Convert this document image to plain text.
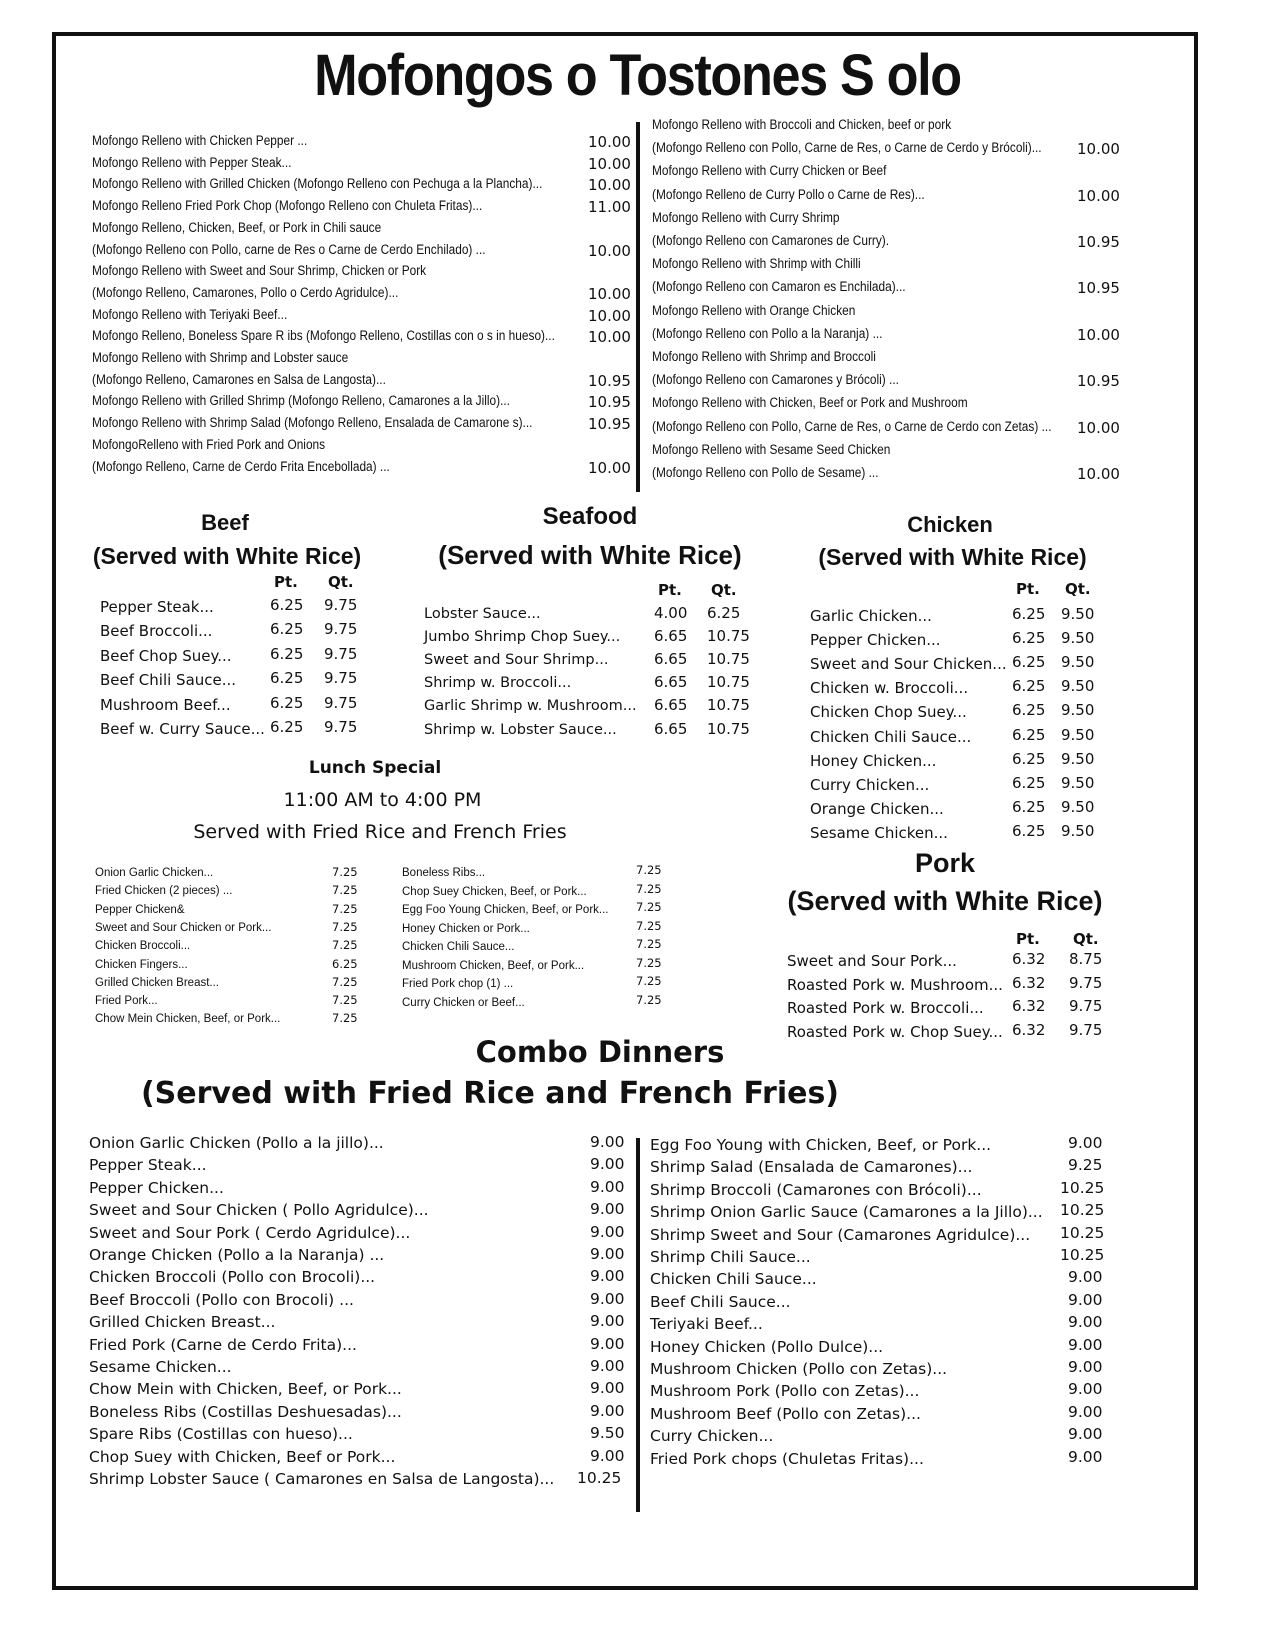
Mofongos o Tostones S olo
Mofongo Relleno with Chicken Pepper ...	10.00
Mofongo Relleno with Pepper Steak...	10.00
Mofongo Relleno with Grilled Chicken (Mofongo Relleno con Pechuga a la Plancha)...	10.00
Mofongo Relleno Fried Pork Chop (Mofongo Relleno con Chuleta Fritas)...	11.00
Mofongo Relleno, Chicken, Beef, or Pork in Chili sauce
(Mofongo Relleno con Pollo, carne de Res o Carne de Cerdo Enchilado) ...	10.00
Mofongo Relleno with Sweet and Sour Shrimp, Chicken or Pork
(Mofongo Relleno, Camarones, Pollo o Cerdo Agridulce)...	10.00
Mofongo Relleno with Teriyaki Beef...	10.00
Mofongo Relleno, Boneless Spare R ibs (Mofongo Relleno, Costillas con o s in hueso)... 10.00
Mofongo Relleno with Shrimp and Lobster sauce
(Mofongo Relleno, Camarones en Salsa de Langosta)...	10.95
Mofongo Relleno with Grilled Shrimp (Mofongo Relleno, Camarones a la Jillo)...	10.95
Mofongo Relleno with Shrimp Salad (Mofongo Relleno, Ensalada de Camarone s)...	10.95
MofongoRelleno with Fried Pork and Onions
(Mofongo Relleno, Carne de Cerdo Frita Encebollada) ...	10.00
Mofongo Relleno with Broccoli and Chicken, beef or pork
(Mofongo Relleno con Pollo, Carne de Res, o Carne de Cerdo y Brócoli)... 10.00
Mofongo Relleno with Curry Chicken or Beef
(Mofongo Relleno de Curry Pollo o Carne de Res)...	10.00
Mofongo Relleno with Curry Shrimp
(Mofongo Relleno con Camarones de Curry).	10.95
Mofongo Relleno with Shrimp with Chilli
(Mofongo Relleno con Camaron es Enchilada)...	10.95
Mofongo Relleno with Orange Chicken
(Mofongo Relleno con Pollo a la Naranja) ...	10.00
Mofongo Relleno with Shrimp and Broccoli
(Mofongo Relleno con Camarones y Brócoli) ...	10.95
Mofongo Relleno with Chicken, Beef or Pork and Mushroom
(Mofongo Relleno con Pollo, Carne de Res, o Carne de Cerdo con Zetas) ... 10.00
Mofongo Relleno with Sesame Seed Chicken
(Mofongo Relleno con Pollo de Sesame) ...	10.00
Pt. Qt.
Pepper Steak...	6.25 9.75
Beef Broccoli...	6.25 9.75
Beef Chop Suey...	6.25 9.75
Beef Chili Sauce... 6.25 9.75
Mushroom Beef...	6.25 9.75
Beef w. Curry Sauce... 6.25 9.75
Pt. Qt.
Lobster Sauce...	4.00 6.25
Jumbo Shrimp Chop Suey... 6.65 10.75
Sweet and Sour Shrimp...	6.65 10.75
Shrimp w. Broccoli...	6.65 10.75
Garlic Shrimp w. Mushroom... 6.65 10.75
Shrimp w. Lobster Sauce... 6.65 10.75
Pt. Qt.
Garlic Chicken...	6.25 9.50
Pepper Chicken...	6.25 9.50
Sweet and Sour Chicken... 6.25 9.50
Chicken w. Broccoli...	6.25 9.50
Chicken Chop Suey...	6.25 9.50
Chicken Chili Sauce...	6.25 9.50
Honey Chicken...	6.25 9.50
Curry Chicken...	6.25 9.50
Orange Chicken...	6.25 9.50
Sesame Chicken...	6.25 9.50
Pt. Qt.
Sweet and Sour Pork...	6.32 8.75
Roasted Pork w. Mushroom... 6.32 9.75
Roasted Pork w. Broccoli... 6.32 9.75
Roasted Pork w. Chop Suey... 6.32 9.75
Onion Garlic Chicken...	7.25
Fried Chicken (2 pieces) ...	7.25
Pepper Chicken&	7.25
Sweet and Sour Chicken or Pork...	7.25
Chicken Broccoli...	7.25
Chicken Fingers...	6.25
Grilled Chicken Breast...	7.25
Fried Pork...	7.25
Chow Mein Chicken, Beef, or Pork...	7.25
Boneless Ribs...	7.25
Chop Suey Chicken, Beef, or Pork...	7.25
Egg Foo Young Chicken, Beef, or Pork... 7.25
Honey Chicken or Pork...	7.25
Chicken Chili Sauce...	7.25
Mushroom Chicken, Beef, or Pork...	7.25
Fried Pork chop (1) ...	7.25
Curry Chicken or Beef...	7.25
Onion Garlic Chicken (Pollo a la jillo)...	9.00
Pepper Steak...	9.00
Pepper Chicken...	9.00
Sweet and Sour Chicken ( Pollo Agridulce)...	9.00
Sweet and Sour Pork ( Cerdo Agridulce)...	9.00
Orange Chicken (Pollo a la Naranja) ...	9.00
Chicken Broccoli (Pollo con Brocoli)...	9.00
Beef Broccoli (Pollo con Brocoli) ...	9.00
Grilled Chicken Breast...	9.00
Fried Pork (Carne de Cerdo Frita)...	9.00
Sesame Chicken...	9.00
Chow Mein with Chicken, Beef, or Pork...	9.00
Boneless Ribs (Costillas Deshuesadas)...	9.00
Spare Ribs (Costillas con hueso)...	9.50
Chop Suey with Chicken, Beef or Pork...	9.00
Shrimp Lobster Sauce ( Camarones en Salsa de Langosta)... 10.25
Egg Foo Young with Chicken, Beef, or Pork...	9.00
Shrimp Salad (Ensalada de Camarones)...	9.25
Shrimp Broccoli (Camarones con Brócoli)...	10.25
Shrimp Onion Garlic Sauce (Camarones a la Jillo)... 10.25
Shrimp Sweet and Sour (Camarones Agridulce)... 10.25
Shrimp Chili Sauce...	10.25
Chicken Chili Sauce...	9.00
Beef Chili Sauce...	9.00
Teriyaki Beef...	9.00
Honey Chicken (Pollo Dulce)...	9.00
Mushroom Chicken (Pollo con Zetas)...	9.00
Mushroom Pork (Pollo con Zetas)...	9.00
Mushroom Beef (Pollo con Zetas)...	9.00
Curry Chicken...	9.00
Fried Pork chops (Chuletas Fritas)...	9.00
Beef
(Served with White Rice)
Seafood
(Served with White Rice)
Chicken
(Served with White Rice)
Pork
(Served with White Rice)
Lunch Special
11:00 AM to 4:00 PM
Served with Fried Rice and French Fries
Combo Dinners
(Served with Fried Rice and French Fries)
